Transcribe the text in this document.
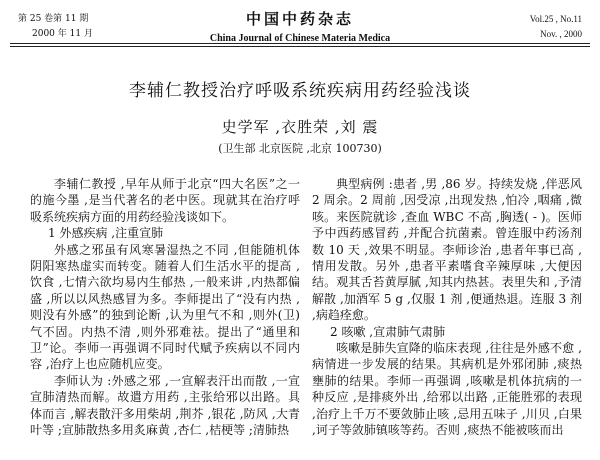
第 25 卷第 11 期
2000 年 11 月
中国中药杂志
China Journal of Chinese Materia Medica
Vol.25 , No.11
Nov. , 2000
李辅仁教授治疗呼吸系统疾病用药经验浅谈
史学军 ,衣胜荣 ,刘 震
(卫生部 北京医院 ,北京 100730)

李辅仁教授 ,早年从师于北京“四大名医”之一的施今墨 ,是当代著名的老中医。现就其在治疗呼吸系统疾病方面的用药经验浅谈如下。

1 外感疾病 ,注重宣肺

外感之邪虽有风寒暑湿热之不同 ,但能随机体阴阳寒热虚实而转变。随着人们生活水平的提高 ,饮食 ,七情六欲均易内生郁热 ,一般来讲 ,内热都偏盛 ,所以以风热感冒为多。李师提出了“没有内热 ,则没有外感”的独到论断 ,认为里气不和 ,则外(卫)气不固。内热不清 ,则外邪难祛。提出了“通里和卫”论。李师一再强调不同时代赋予疾病以不同内容 ,治疗上也应随机应变。

李师认为 :外感之邪 ,一宣解表汗出而散 ,一宣宣肺清热而解。故遣方用药 ,主张给邪以出路。具体而言 ,解表散汗多用柴胡 ,荆芥 ,银花 ,防风 ,大青叶等 ;宣肺散热多用炙麻黄 ,杏仁 ,桔梗等 ;清肺热

典型病例 :患者 ,男 ,86 岁。持续发烧 ,伴恶风 2 周余。2 周前 ,因受凉 ,出现发热 ,怕冷 ,咽痛 ,微咳。来医院就诊 ,查血 WBC 不高 ,胸透( - )。医师予中西药感冒药 ,并配合抗菌素。曾连服中药汤剂数 10 天 ,效果不明显。李师诊治 ,患者年事已高 ,情用发散。另外 ,患者平素嗜食辛辣厚味 ,大便因结。观其舌苔黄厚腻 ,知其内热甚。表里失和 ,予清解散 ,加酒军 5 g ,仅服 1 剂 ,便通热退。连服 3 剂 ,病趋痊愈。

2 咳嗽 ,宣肃肺气肃肺

咳嗽是肺失宣降的临床表现 ,往往是外感不愈 ,病情进一步发展的结果。其病机是外邪闭肺 ,痰热壅肺的结果。李师一再强调 ,咳嗽是机体抗病的一种反应 ,是排痰外出 ,给邪以出路 ,正能胜邪的表现 ,治疗上千万不要敛肺止咳 ,忌用五味子 ,川贝 ,白果 ,诃子等敛肺镇咳等药。否则 ,痰热不能被咳而出
